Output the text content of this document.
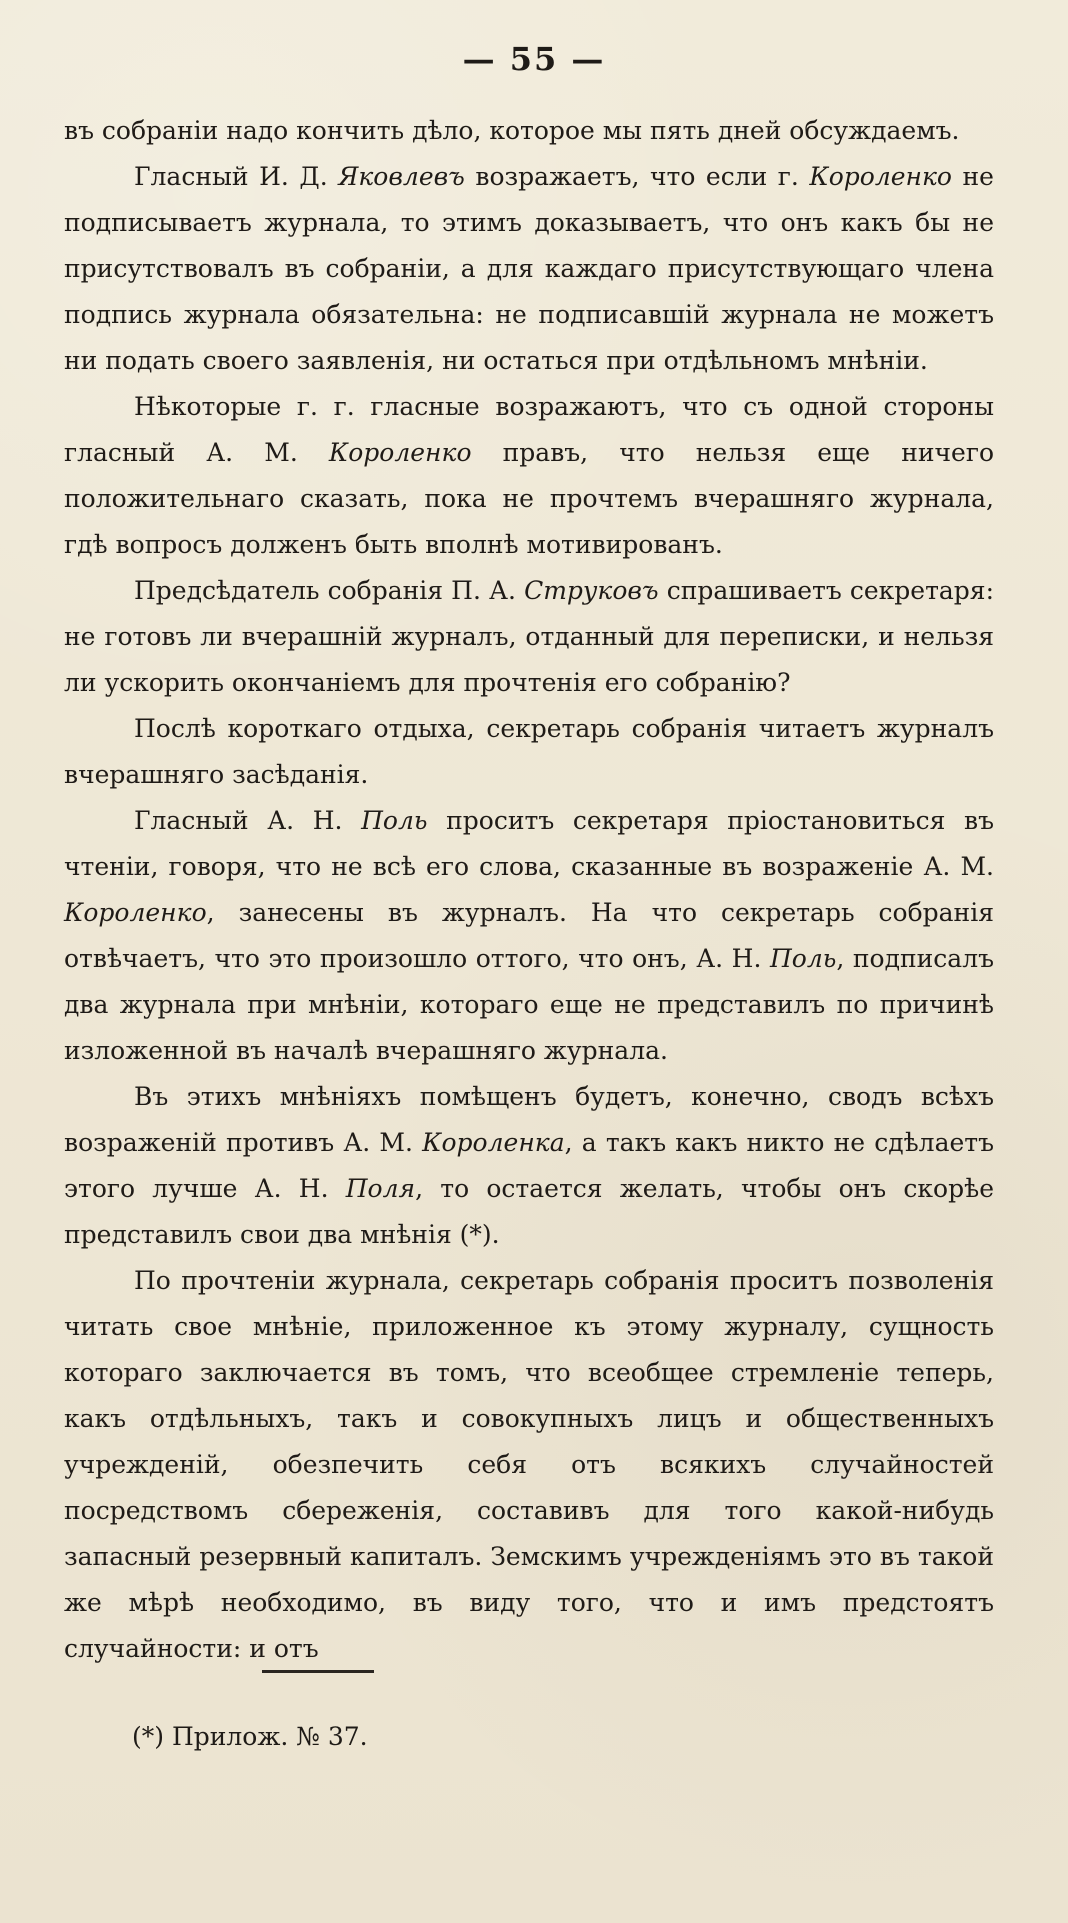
— 55 —

въ собраніи надо кончить дѣло, которое мы пять дней обсуждаемъ.

Гласный И. Д. Яковлевъ возражаетъ, что если г. Короленко не подписываетъ журнала, то этимъ доказываетъ, что онъ какъ бы не присутствовалъ въ собраніи, а для каждаго присутствующаго члена подпись журнала обязательна: не подписавшій журнала не можетъ ни подать своего заявленія, ни остаться при отдѣльномъ мнѣніи.

Нѣкоторые г. г. гласные возражаютъ, что съ одной стороны гласный А. М. Короленко правъ, что нельзя еще ничего положительнаго сказать, пока не прочтемъ вчерашняго журнала, гдѣ вопросъ долженъ быть вполнѣ мотивированъ.

Предсѣдатель собранія П. А. Струковъ спрашиваетъ секретаря: не готовъ ли вчерашній журналъ, отданный для переписки, и нельзя ли ускорить окончаніемъ для прочтенія его собранію?

Послѣ короткаго отдыха, секретарь собранія читаетъ журналъ вчерашняго засѣданія.

Гласный А. Н. Поль проситъ секретаря пріостановиться въ чтеніи, говоря, что не всѣ его слова, сказанные въ возраженіе А. М. Короленко, занесены въ журналъ. На что секретарь собранія отвѣчаетъ, что это произошло оттого, что онъ, А. Н. Поль, подписалъ два журнала при мнѣніи, котораго еще не представилъ по причинѣ изложенной въ началѣ вчерашняго журнала.

Въ этихъ мнѣніяхъ помѣщенъ будетъ, конечно, сводъ всѣхъ возраженій противъ А. М. Короленка, а такъ какъ никто не сдѣлаетъ этого лучше А. Н. Поля, то остается желать, чтобы онъ скорѣе представилъ свои два мнѣнія (*).

По прочтеніи журнала, секретарь собранія проситъ позволенія читать свое мнѣніе, приложенное къ этому журналу, сущность котораго заключается въ томъ, что всеобщее стремленіе теперь, какъ отдѣльныхъ, такъ и совокупныхъ лицъ и общественныхъ учрежденій, обезпечить себя отъ всякихъ случайностей посредствомъ сбереженія, составивъ для того какой-нибудь запасный резервный капиталъ. Земскимъ учрежденіямъ это въ такой же мѣрѣ необходимо, въ виду того, что и имъ предстоятъ случайности: и отъ

(*) Прилож. № 37.
